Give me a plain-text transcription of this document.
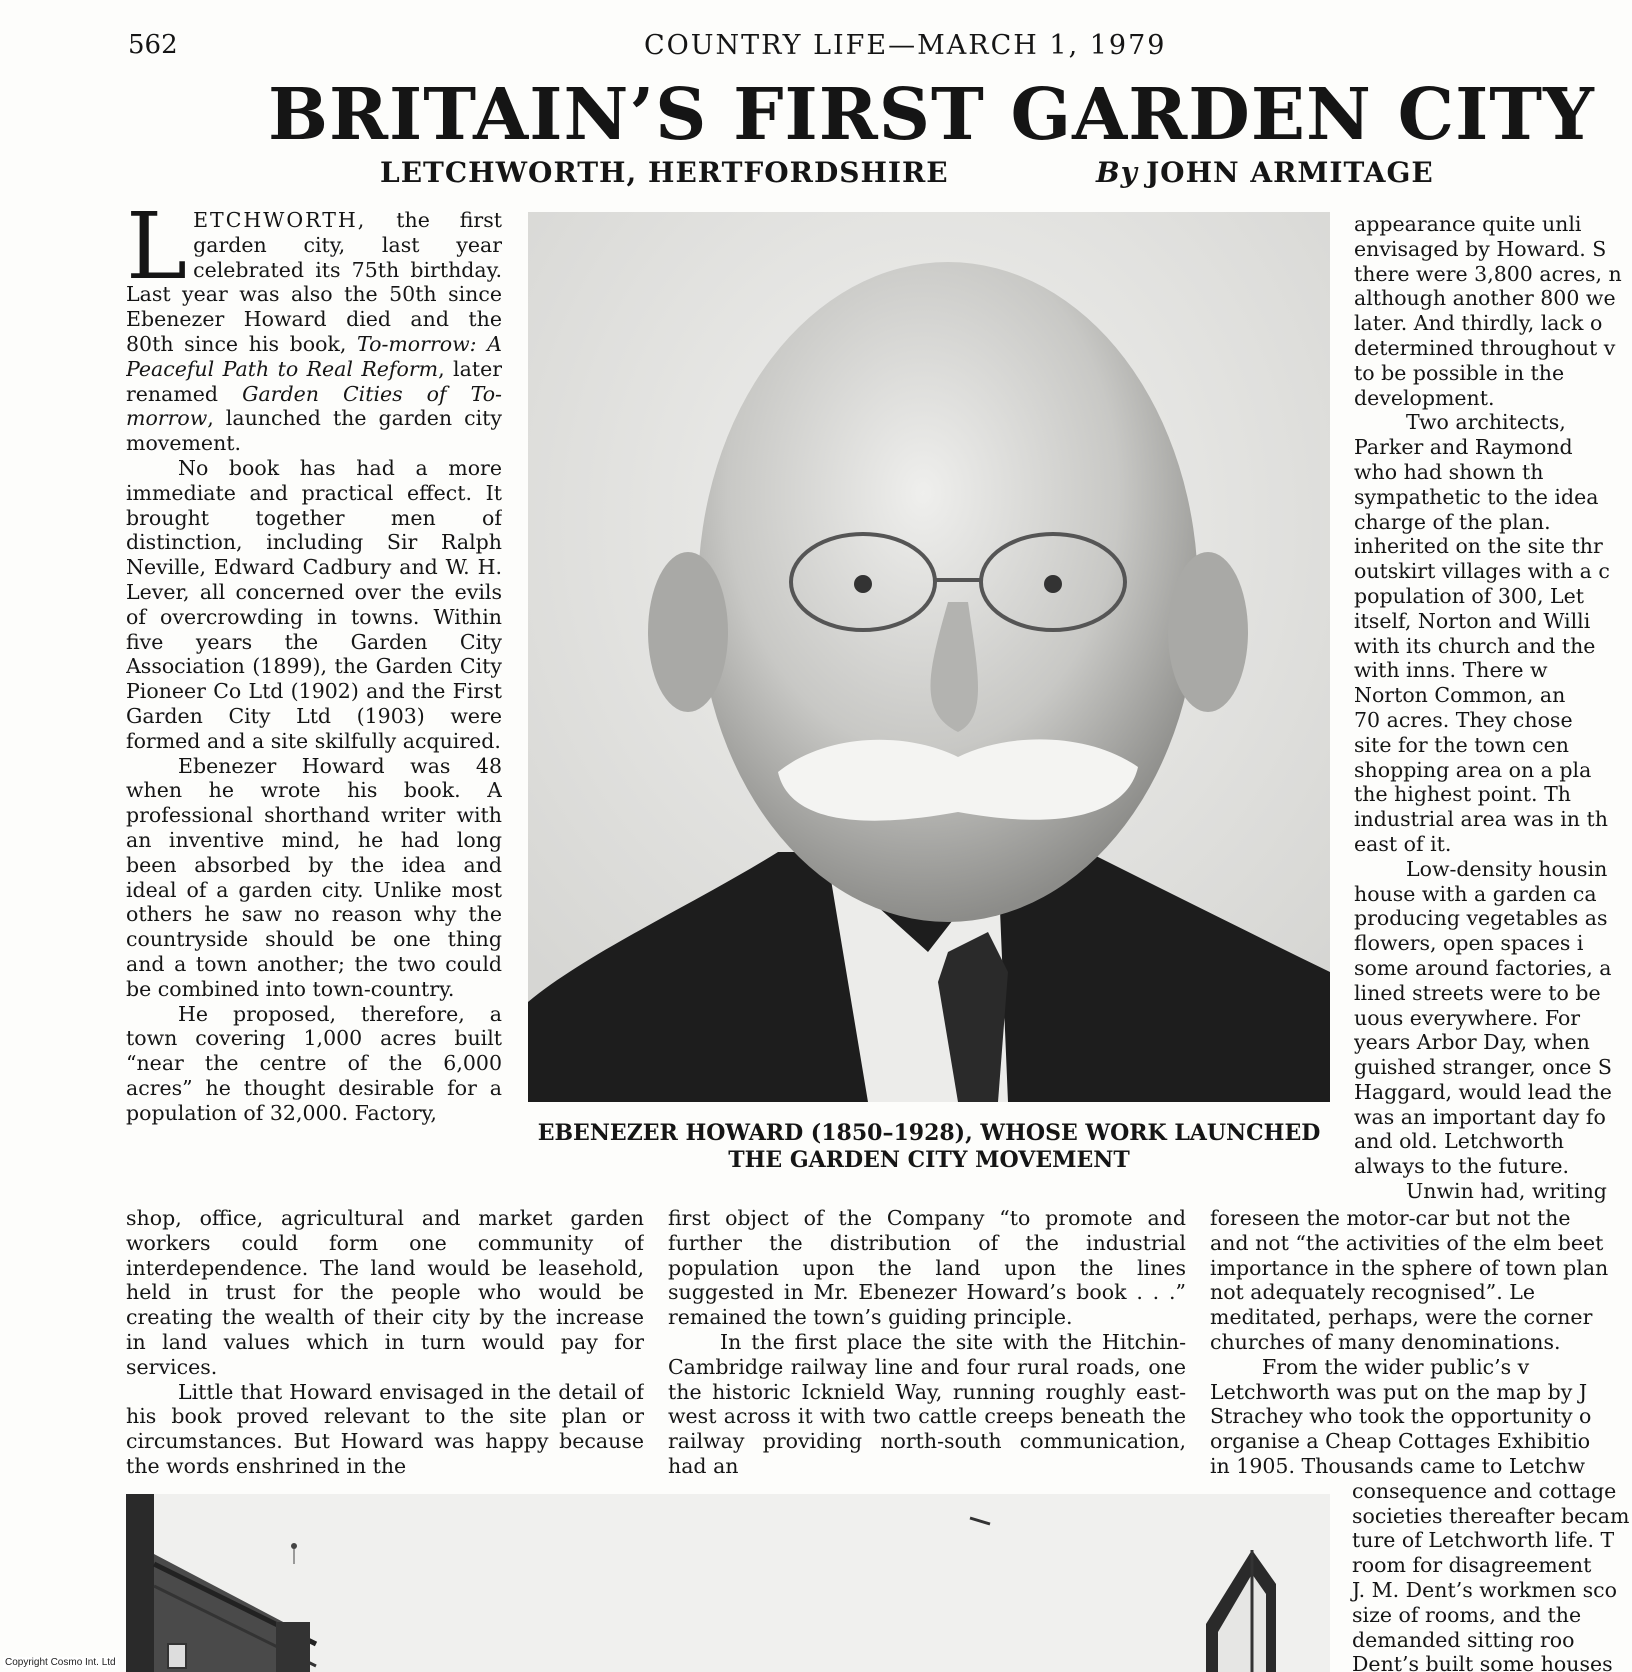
562	COUNTRY LIFE—MARCH 1, 1979
BRITAIN’S FIRST GARDEN CITY
LETCHWORTH, HERTFORDSHIRE	By JOHN ARMITAGE

LETCHWORTH, the first garden city, last year celebrated its 75th birthday. Last year was also the 50th since Ebenezer Howard died and the 80th since his book, To-morrow: A Peaceful Path to Real Reform, later renamed Garden Cities of To-morrow, launched the garden city movement.

No book has had a more immediate and practical effect. It brought together men of distinction, including Sir Ralph Neville, Edward Cadbury and W. H. Lever, all concerned over the evils of overcrowding in towns. Within five years the Garden City Association (1899), the Garden City Pioneer Co Ltd (1902) and the First Garden City Ltd (1903) were formed and a site skilfully acquired.

Ebenezer Howard was 48 when he wrote his book. A professional shorthand writer with an inventive mind, he had long been absorbed by the idea and ideal of a garden city. Unlike most others he saw no reason why the countryside should be one thing and a town another; the two could be combined into town-country.

He proposed, therefore, a town covering 1,000 acres built “near the centre of the 6,000 acres” he thought desirable for a population of 32,000. Factory,

EBENEZER HOWARD (1850–1928), WHOSE WORK LAUNCHED
THE GARDEN CITY MOVEMENT
appearance quite unli
envisaged by Howard. S
there were 3,800 acres, n
although another 800 we
later. And thirdly, lack o
determined throughout v
to be possible in the
development.
Two architects,
Parker and Raymond
who had shown th
sympathetic to the idea
charge of the plan.
inherited on the site thr
outskirt villages with a c
population of 300, Let
itself, Norton and Willi
with its church and the
with inns. There w
Norton Common, an
70 acres. They chose
site for the town cen
shopping area on a pla
the highest point. Th
industrial area was in th
east of it.
Low-density housin
house with a garden ca
producing vegetables as
flowers, open spaces i
some around factories, a
lined streets were to be
uous everywhere. For
years Arbor Day, when
guished stranger, once S
Haggard, would lead the
was an important day fo
and old. Letchworth
always to the future.
Unwin had, writing

shop, office, agricultural and market garden workers could form one community of interdependence. The land would be leasehold, held in trust for the people who would be creating the wealth of their city by the increase in land values which in turn would pay for services.

Little that Howard envisaged in the detail of his book proved relevant to the site plan or circumstances. But Howard was happy because the words enshrined in the

first object of the Company “to promote and further the distribution of the industrial population upon the land upon the lines suggested in Mr. Ebenezer Howard’s book . . .” remained the town’s guiding principle.

In the first place the site with the Hitchin-Cambridge railway line and four rural roads, one the historic Icknield Way, running roughly east-west across it with two cattle creeps beneath the railway providing north-south communication, had an

foreseen the motor-car but not the
and not “the activities of the elm beet
importance in the sphere of town plan
not adequately recognised”. Le
meditated, perhaps, were the corner
churches of many denominations.
From the wider public’s v
Letchworth was put on the map by J
Strachey who took the opportunity o
organise a Cheap Cottages Exhibitio
in 1905. Thousands came to Letchw
consequence and cottage
societies thereafter becam
ture of Letchworth life. T
room for disagreement
J. M. Dent’s workmen sco
size of rooms, and the
demanded sitting roo
Dent’s built some houses
Copyright Cosmo Int. Ltd
